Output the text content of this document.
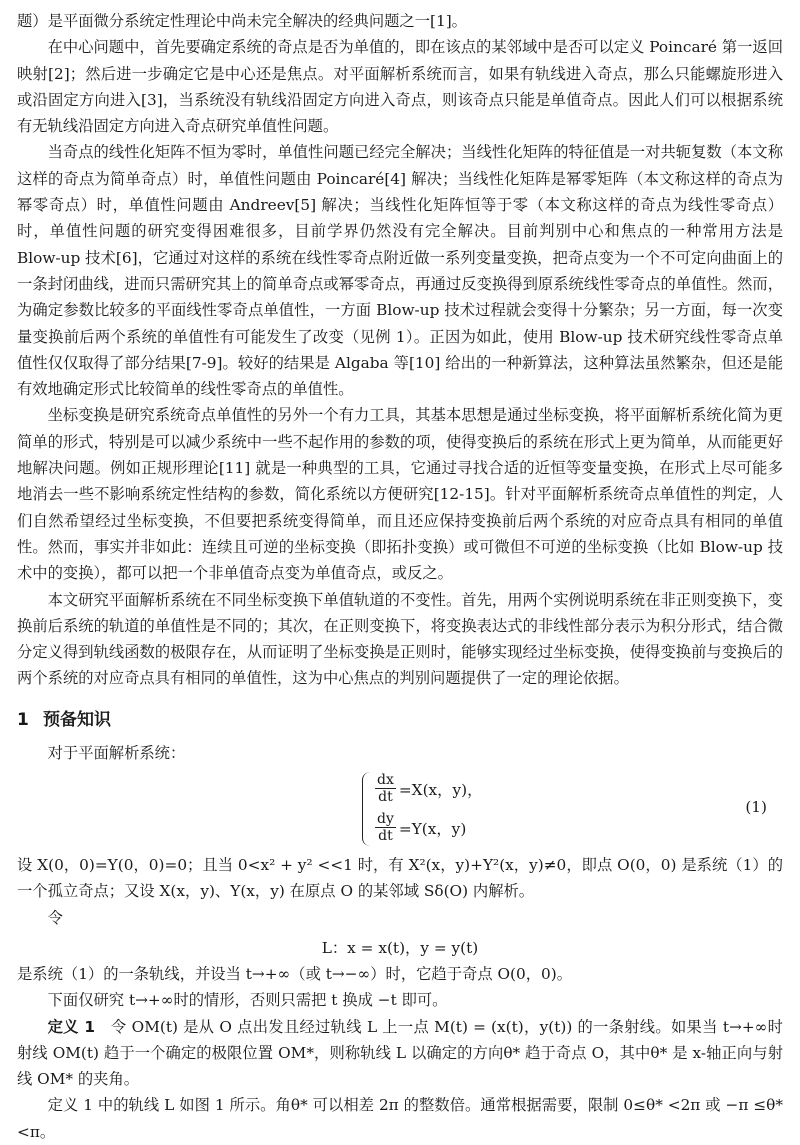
题）是平面微分系统定性理论中尚未完全解决的经典问题之一[1]。

在中心问题中，首先要确定系统的奇点是否为单值的，即在该点的某邻域中是否可以定义 Poincaré 第一返回映射[2]；然后进一步确定它是中心还是焦点。对平面解析系统而言，如果有轨线进入奇点，那么只能螺旋形进入或沿固定方向进入[3]，当系统没有轨线沿固定方向进入奇点，则该奇点只能是单值奇点。因此人们可以根据系统有无轨线沿固定方向进入奇点研究单值性问题。

当奇点的线性化矩阵不恒为零时，单值性问题已经完全解决；当线性化矩阵的特征值是一对共轭复数（本文称这样的奇点为简单奇点）时，单值性问题由 Poincaré[4] 解决；当线性化矩阵是幂零矩阵（本文称这样的奇点为幂零奇点）时，单值性问题由 Andreev[5] 解决；当线性化矩阵恒等于零（本文称这样的奇点为线性零奇点）时，单值性问题的研究变得困难很多，目前学界仍然没有完全解决。目前判别中心和焦点的一种常用方法是 Blow-up 技术[6]，它通过对这样的系统在线性零奇点附近做一系列变量变换，把奇点变为一个不可定向曲面上的一条封闭曲线，进而只需研究其上的简单奇点或幂零奇点，再通过反变换得到原系统线性零奇点的单值性。然而，为确定参数比较多的平面线性零奇点单值性，一方面 Blow-up 技术过程就会变得十分繁杂；另一方面，每一次变量变换前后两个系统的单值性有可能发生了改变（见例 1）。正因为如此，使用 Blow-up 技术研究线性零奇点单值性仅仅取得了部分结果[7-9]。较好的结果是 Algaba 等[10] 给出的一种新算法，这种算法虽然繁杂，但还是能有效地确定形式比较简单的线性零奇点的单值性。

坐标变换是研究系统奇点单值性的另外一个有力工具，其基本思想是通过坐标变换，将平面解析系统化简为更简单的形式，特别是可以减少系统中一些不起作用的参数的项，使得变换后的系统在形式上更为简单，从而能更好地解决问题。例如正规形理论[11] 就是一种典型的工具，它通过寻找合适的近恒等变量变换，在形式上尽可能多地消去一些不影响系统定性结构的参数，简化系统以方便研究[12-15]。针对平面解析系统奇点单值性的判定，人们自然希望经过坐标变换，不但要把系统变得简单，而且还应保持变换前后两个系统的对应奇点具有相同的单值性。然而，事实并非如此：连续且可逆的坐标变换（即拓扑变换）或可微但不可逆的坐标变换（比如 Blow-up 技术中的变换），都可以把一个非单值奇点变为单值奇点，或反之。

本文研究平面解析系统在不同坐标变换下单值轨道的不变性。首先，用两个实例说明系统在非正则变换下，变换前后系统的轨道的单值性是不同的；其次，在正则变换下，将变换表达式的非线性部分表示为积分形式，结合微分定义得到轨线函数的极限存在，从而证明了坐标变换是正则时，能够实现经过坐标变换，使得变换前与变换后的两个系统的对应奇点具有相同的单值性，这为中心焦点的判别问题提供了一定的理论依据。

1 预备知识

对于平面解析系统：

$\frac{dx}{dt} =X(x$，y)，
$\frac{dy}{dt} =Y(x$，y)
(1)

设 X(0，0)=Y(0，0)=0；且当 0<x² + y² <<1 时，有 X²(x，y)+Y²(x，y)≠0，即点 O(0，0) 是系统（1）的一个孤立奇点；又设 X(x，y)、Y(x，y) 在原点 O 的某邻域 Sδ(O) 内解析。

令

L：x = x(t)，y = y(t)

是系统（1）的一条轨线，并设当 t→+∞（或 t→−∞）时，它趋于奇点 O(0，0)。

下面仅研究 t→+∞时的情形，否则只需把 t 换成 −t 即可。

定义 1　 令 OM(t) 是从 O 点出发且经过轨线 L 上一点 M(t) = (x(t)，y(t)) 的一条射线。如果当 t→+∞时射线 OM(t) 趋于一个确定的极限位置 OM*，则称轨线 L 以确定的方向θ* 趋于奇点 O，其中θ* 是 x-轴正向与射线 OM* 的夹角。

定义 1 中的轨线 L 如图 1 所示。角θ* 可以相差 2π 的整数倍。通常根据需要，限制 0≤θ* <2π 或 −π ≤θ* <π。
